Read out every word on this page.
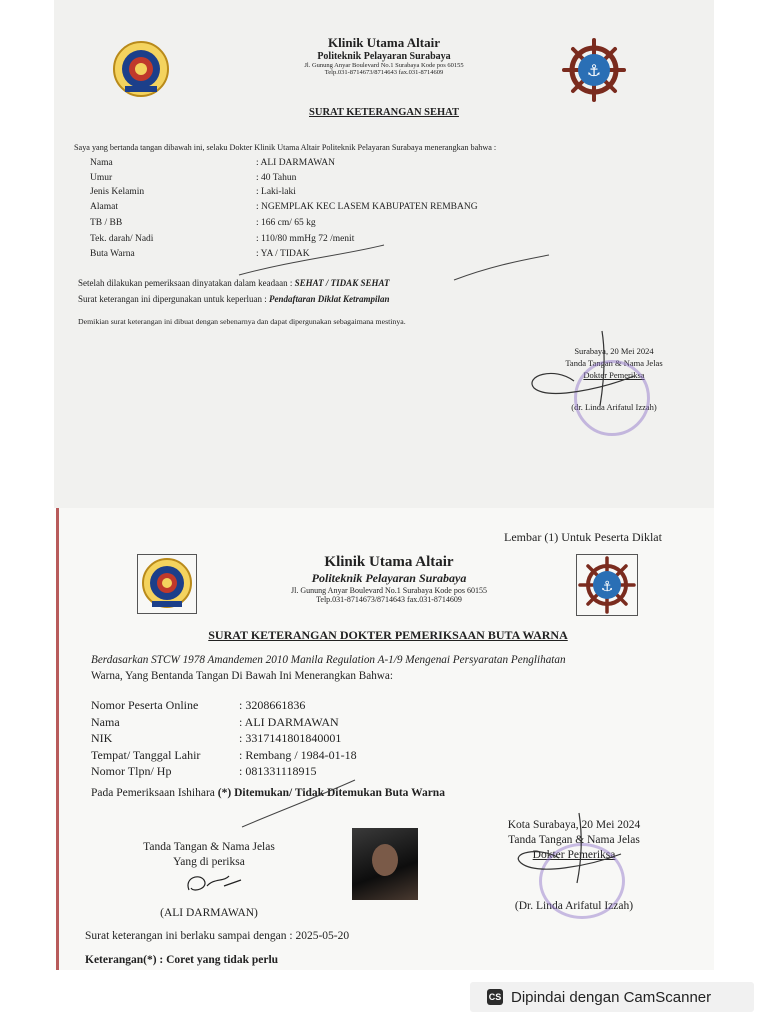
Klinik Utama Altair
Politeknik Pelayaran Surabaya
Jl. Gunung Anyar Boulevard No.1 Surabaya Kode pos 60155
Telp.031-8714673/8714643 fax.031-8714609	⚓
SURAT KETERANGAN SEHAT
Saya yang bertanda tangan dibawah ini, selaku Dokter Klinik Utama Altair Politeknik Pelayaran Surabaya menerangkan bahwa :
Nama	: ALI DARMAWAN
Umur	: 40 Tahun
Jenis Kelamin	: Laki-laki
Alamat	: NGEMPLAK KEC LASEM KABUPATEN REMBANG
TB / BB	: 166 cm/ 65 kg
Tek. darah/ Nadi	: 110/80 mmHg 72 /menit
Buta Warna	: YA / TIDAK
Setelah dilakukan pemeriksaan dinyatakan dalam keadaan : SEHAT / TIDAK SEHAT
Surat keterangan ini dipergunakan untuk keperluan : Pendaftaran Diklat Ketrampilan
Demikian surat keterangan ini dibuat dengan sebenarnya dan dapat dipergunakan sebagaimana mestinya.
Surabaya, 20 Mei 2024
Tanda Tangan & Nama Jelas
Dokter Pemeriksa
(dr. Linda Arifatul Izzah)
Lembar (1) Untuk Peserta Diklat
Klinik Utama Altair
Politeknik Pelayaran Surabaya
Jl. Gunung Anyar Boulevard No.1 Surabaya Kode pos 60155
Telp.031-8714673/8714643 fax.031-8714609
⚓
SURAT KETERANGAN DOKTER PEMERIKSAAN BUTA WARNA
Berdasarkan STCW 1978 Amandemen 2010 Manila Regulation A-1/9 Mengenai Persyaratan Penglihatan
Warna, Yang Bentanda Tangan Di Bawah Ini Menerangkan Bahwa:
Nomor Peserta Online	: 3208661836
Nama	: ALI DARMAWAN
NIK	: 3317141801840001
Tempat/ Tanggal Lahir	: Rembang / 1984-01-18
Nomor Tlpn/ Hp	: 081331118915
Pada Pemeriksaan Ishihara (*) Ditemukan/ Tidak Ditemukan Buta Warna
Tanda Tangan & Nama Jelas
Yang di periksa
(ALI DARMAWAN)
Kota Surabaya, 20 Mei 2024
Tanda Tangan & Nama Jelas
Dokter Pemeriksa
(Dr. Linda Arifatul Izzah)
Surat keterangan ini berlaku sampai dengan : 2025-05-20
Keterangan(*) : Coret yang tidak perlu
CS Dipindai dengan CamScanner
